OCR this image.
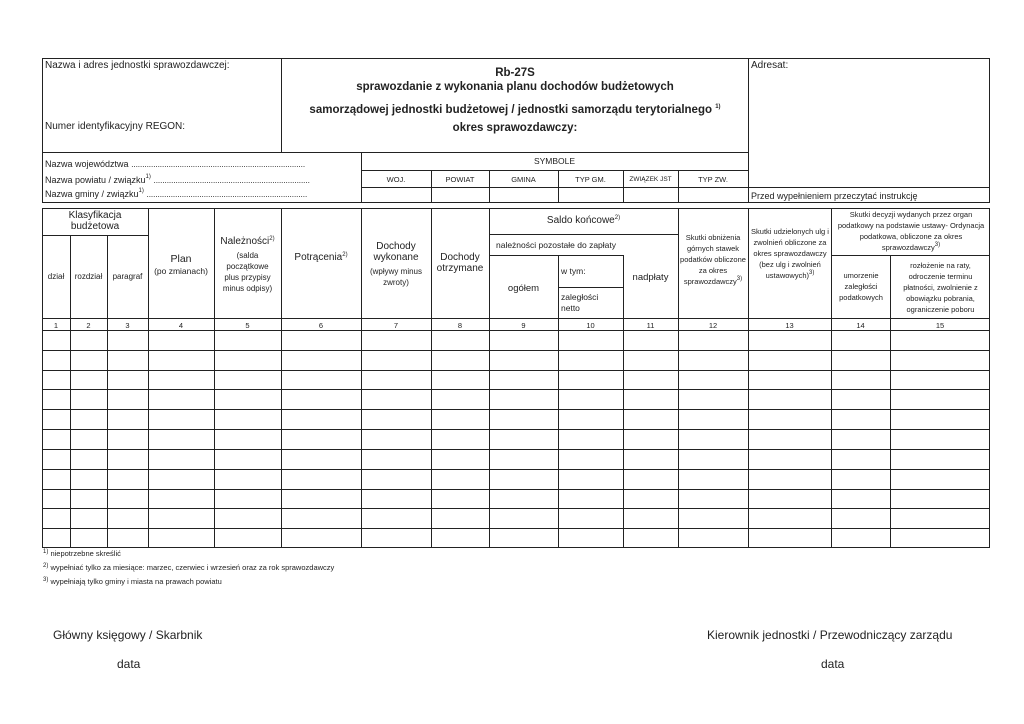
Nazwa i adres jednostki sprawozdawczej:
Numer identyfikacyjny REGON:
Adresat:
Rb-27S
sprawozdanie z wykonania planu dochodów budżetowych
samorządowej jednostki budżetowej / jednostki samorządu terytorialnego $^{1)}$
okres sprawozdawczy:
Nazwa województwa ...............................................................................
Nazwa powiatu / związku$^{1)}$ .......................................................................
Nazwa gminy / związku$^{1)}$ .........................................................................
SYMBOLE
WOJ.	POWIAT	GMINA	TYP GM.	ZWIĄZEK JST	TYP ZW.
Przed wypełnieniem przeczytać instrukcję
Klasyfikacja budżetowa
dział	rozdział	paragraf
Plan
(po zmianach)
Należności$^{2)}$
(salda początkowe plus przypisy minus odpisy)
Potrącenia$^{2)}$
Dochody wykonane
(wpływy minus zwroty)
Dochody otrzymane
Saldo końcowe$^{2)}$
należności pozostałe do zapłaty
ogółem
w tym:
zaległości netto
nadpłaty
Skutki obniżenia górnych stawek podatków obliczone za okres sprawozdawczy$^{3)}$
Skutki udzielonych ulg i zwolnień obliczone za okres sprawozdawczy (bez ulg i zwolnień ustawowych)$^{3)}$
Skutki decyzji wydanych przez organ podatkowy na podstawie ustawy- Ordynacja podatkowa, obliczone za okres sprawozdawczy$^{3)}$
umorzenie zaległości podatkowych
rozłożenie na raty, odroczenie terminu płatności, zwolnienie z obowiązku pobrania, ograniczenie poboru
1	2	3	4	5	6	7	8	9	10	11	12	13	14	15
$^{1)}$ niepotrzebne skreślić
$^{2)}$ wypełniać tylko za miesiące: marzec, czerwiec i wrzesień oraz za rok sprawozdawczy
$^{3)}$ wypełniają tylko gminy i miasta na prawach powiatu
Główny księgowy / Skarbnik
data
Kierownik jednostki / Przewodniczący zarządu
data
